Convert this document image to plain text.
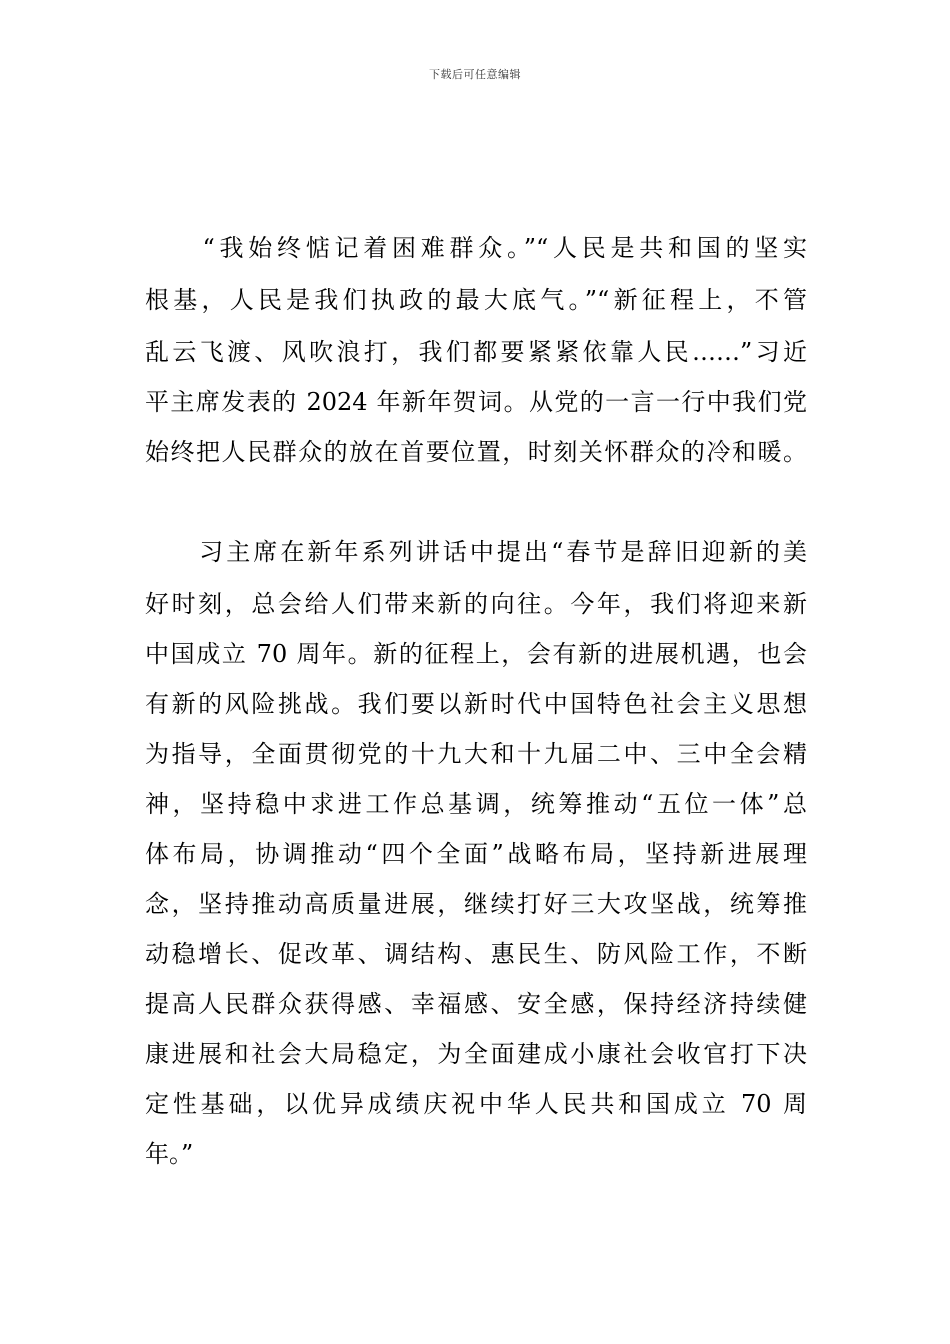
下载后可任意编辑
　　“我始终惦记着困难群众。”“人民是共和国的坚实
根基，人民是我们执政的最大底气。”“新征程上，不管
乱云飞渡、风吹浪打，我们都要紧紧依靠人民……”习近
平主席发表的 2024 年新年贺词。从党的一言一行中我们党
始终把人民群众的放在首要位置，时刻关怀群众的冷和暖。
　　习主席在新年系列讲话中提出“春节是辞旧迎新的美
好时刻，总会给人们带来新的向往。今年，我们将迎来新
中国成立 70 周年。新的征程上，会有新的进展机遇，也会
有新的风险挑战。我们要以新时代中国特色社会主义思想
为指导，全面贯彻党的十九大和十九届二中、三中全会精
神，坚持稳中求进工作总基调，统筹推动“五位一体”总
体布局，协调推动“四个全面”战略布局，坚持新进展理
念，坚持推动高质量进展，继续打好三大攻坚战，统筹推
动稳增长、促改革、调结构、惠民生、防风险工作，不断
提高人民群众获得感、幸福感、安全感，保持经济持续健
康进展和社会大局稳定，为全面建成小康社会收官打下决
定性基础，以优异成绩庆祝中华人民共和国成立 70 周
年。”
